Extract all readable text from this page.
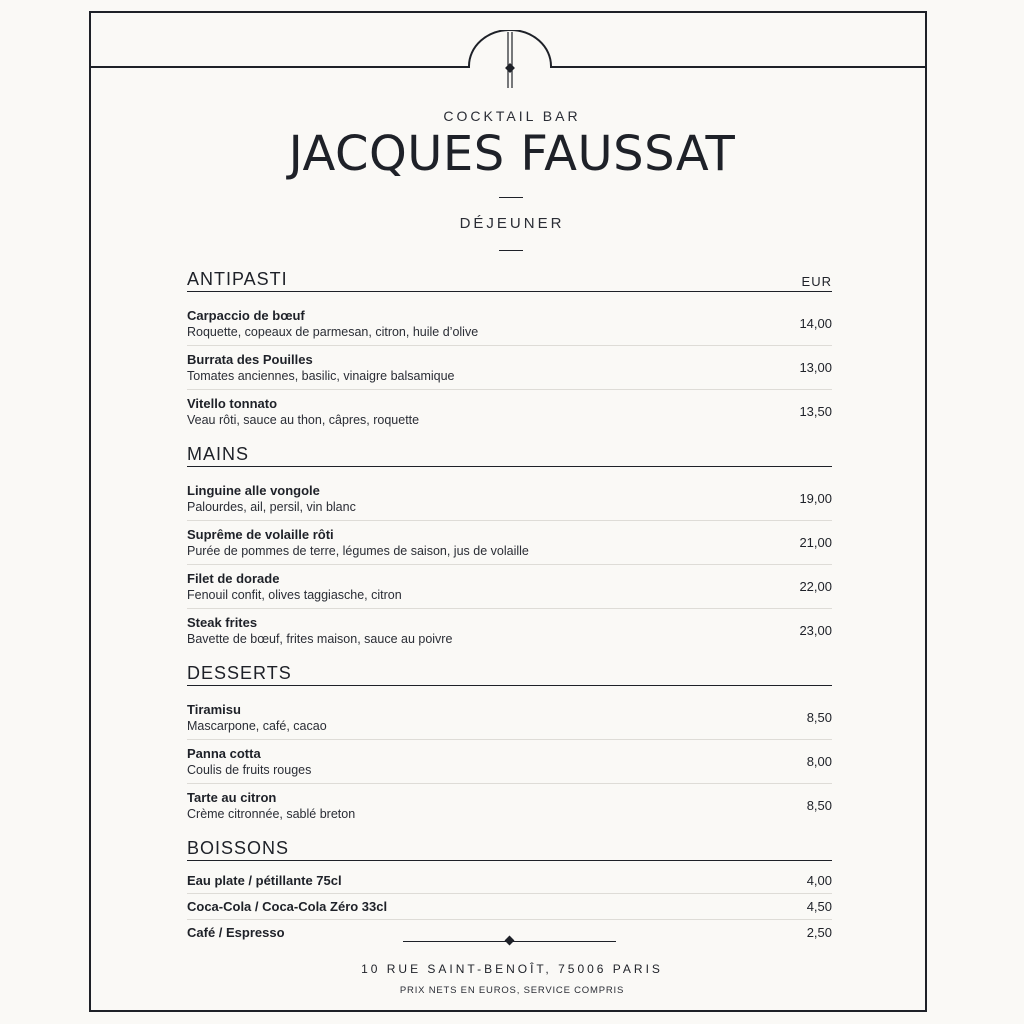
COCKTAIL BAR
JACQUES FAUSSAT
DÉJEUNER
ANTIPASTI	EUR
Carpaccio de bœuf
Roquette, copeaux de parmesan, citron, huile d’olive
14,00
Burrata des Pouilles
Tomates anciennes, basilic, vinaigre balsamique
13,00
Vitello tonnato
Veau rôti, sauce au thon, câpres, roquette
13,50
MAINS
Linguine alle vongole
Palourdes, ail, persil, vin blanc
19,00
Suprême de volaille rôti
Purée de pommes de terre, légumes de saison, jus de volaille
21,00
Filet de dorade
Fenouil confit, olives taggiasche, citron
22,00
Steak frites
Bavette de bœuf, frites maison, sauce au poivre
23,00
DESSERTS
Tiramisu
Mascarpone, café, cacao
8,50
Panna cotta
Coulis de fruits rouges
8,00
Tarte au citron
Crème citronnée, sablé breton
8,50
BOISSONS
Eau plate / pétillante 75cl	4,00
Coca-Cola / Coca-Cola Zéro 33cl	4,50
Café / Espresso	2,50
10 RUE SAINT-BENOÎT, 75006 PARIS
PRIX NETS EN EUROS, SERVICE COMPRIS
